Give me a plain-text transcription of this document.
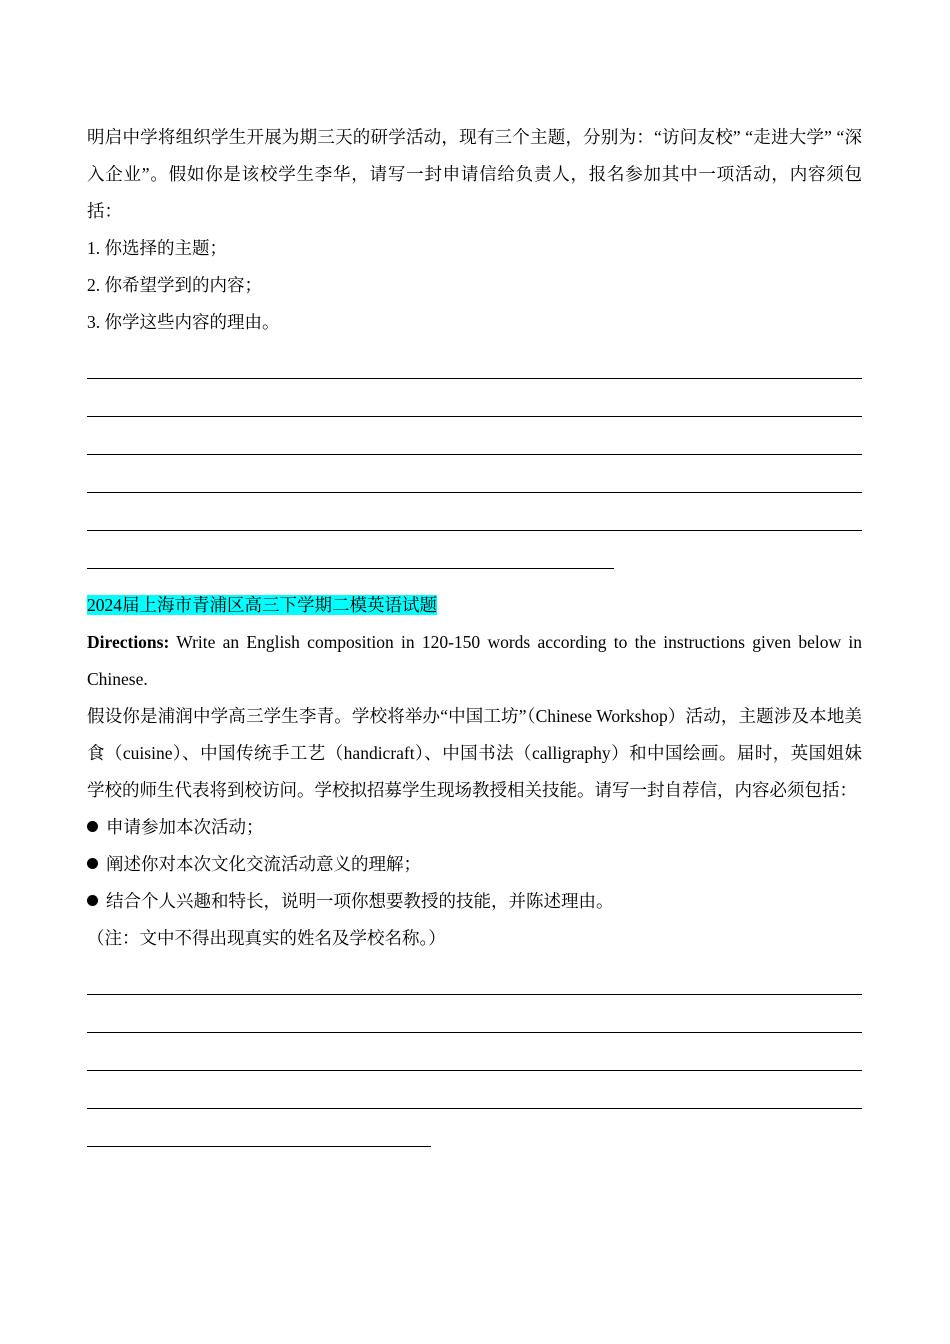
明启中学将组织学生开展为期三天的研学活动，现有三个主题，分别为：“访问友校” “走进大学” “深入企业”。假如你是该校学生李华，请写一封申请信给负责人，报名参加其中一项活动，内容须包括：
1. 你选择的主题；
2. 你希望学到的内容；
3. 你学这些内容的理由。
2024届上海市青浦区高三下学期二模英语试题
Directions: Write an English composition in 120-150 words according to the instructions given below in Chinese.
假设你是浦润中学高三学生李青。学校将举办“中国工坊”（Chinese Workshop）活动，主题涉及本地美食（cuisine）、中国传统手工艺（handicraft）、中国书法（calligraphy）和中国绘画。届时，英国姐妹学校的师生代表将到校访问。学校拟招募学生现场教授相关技能。请写一封自荐信，内容必须包括：
申请参加本次活动；
阐述你对本次文化交流活动意义的理解；
结合个人兴趣和特长，说明一项你想要教授的技能，并陈述理由。
（注：文中不得出现真实的姓名及学校名称。）
